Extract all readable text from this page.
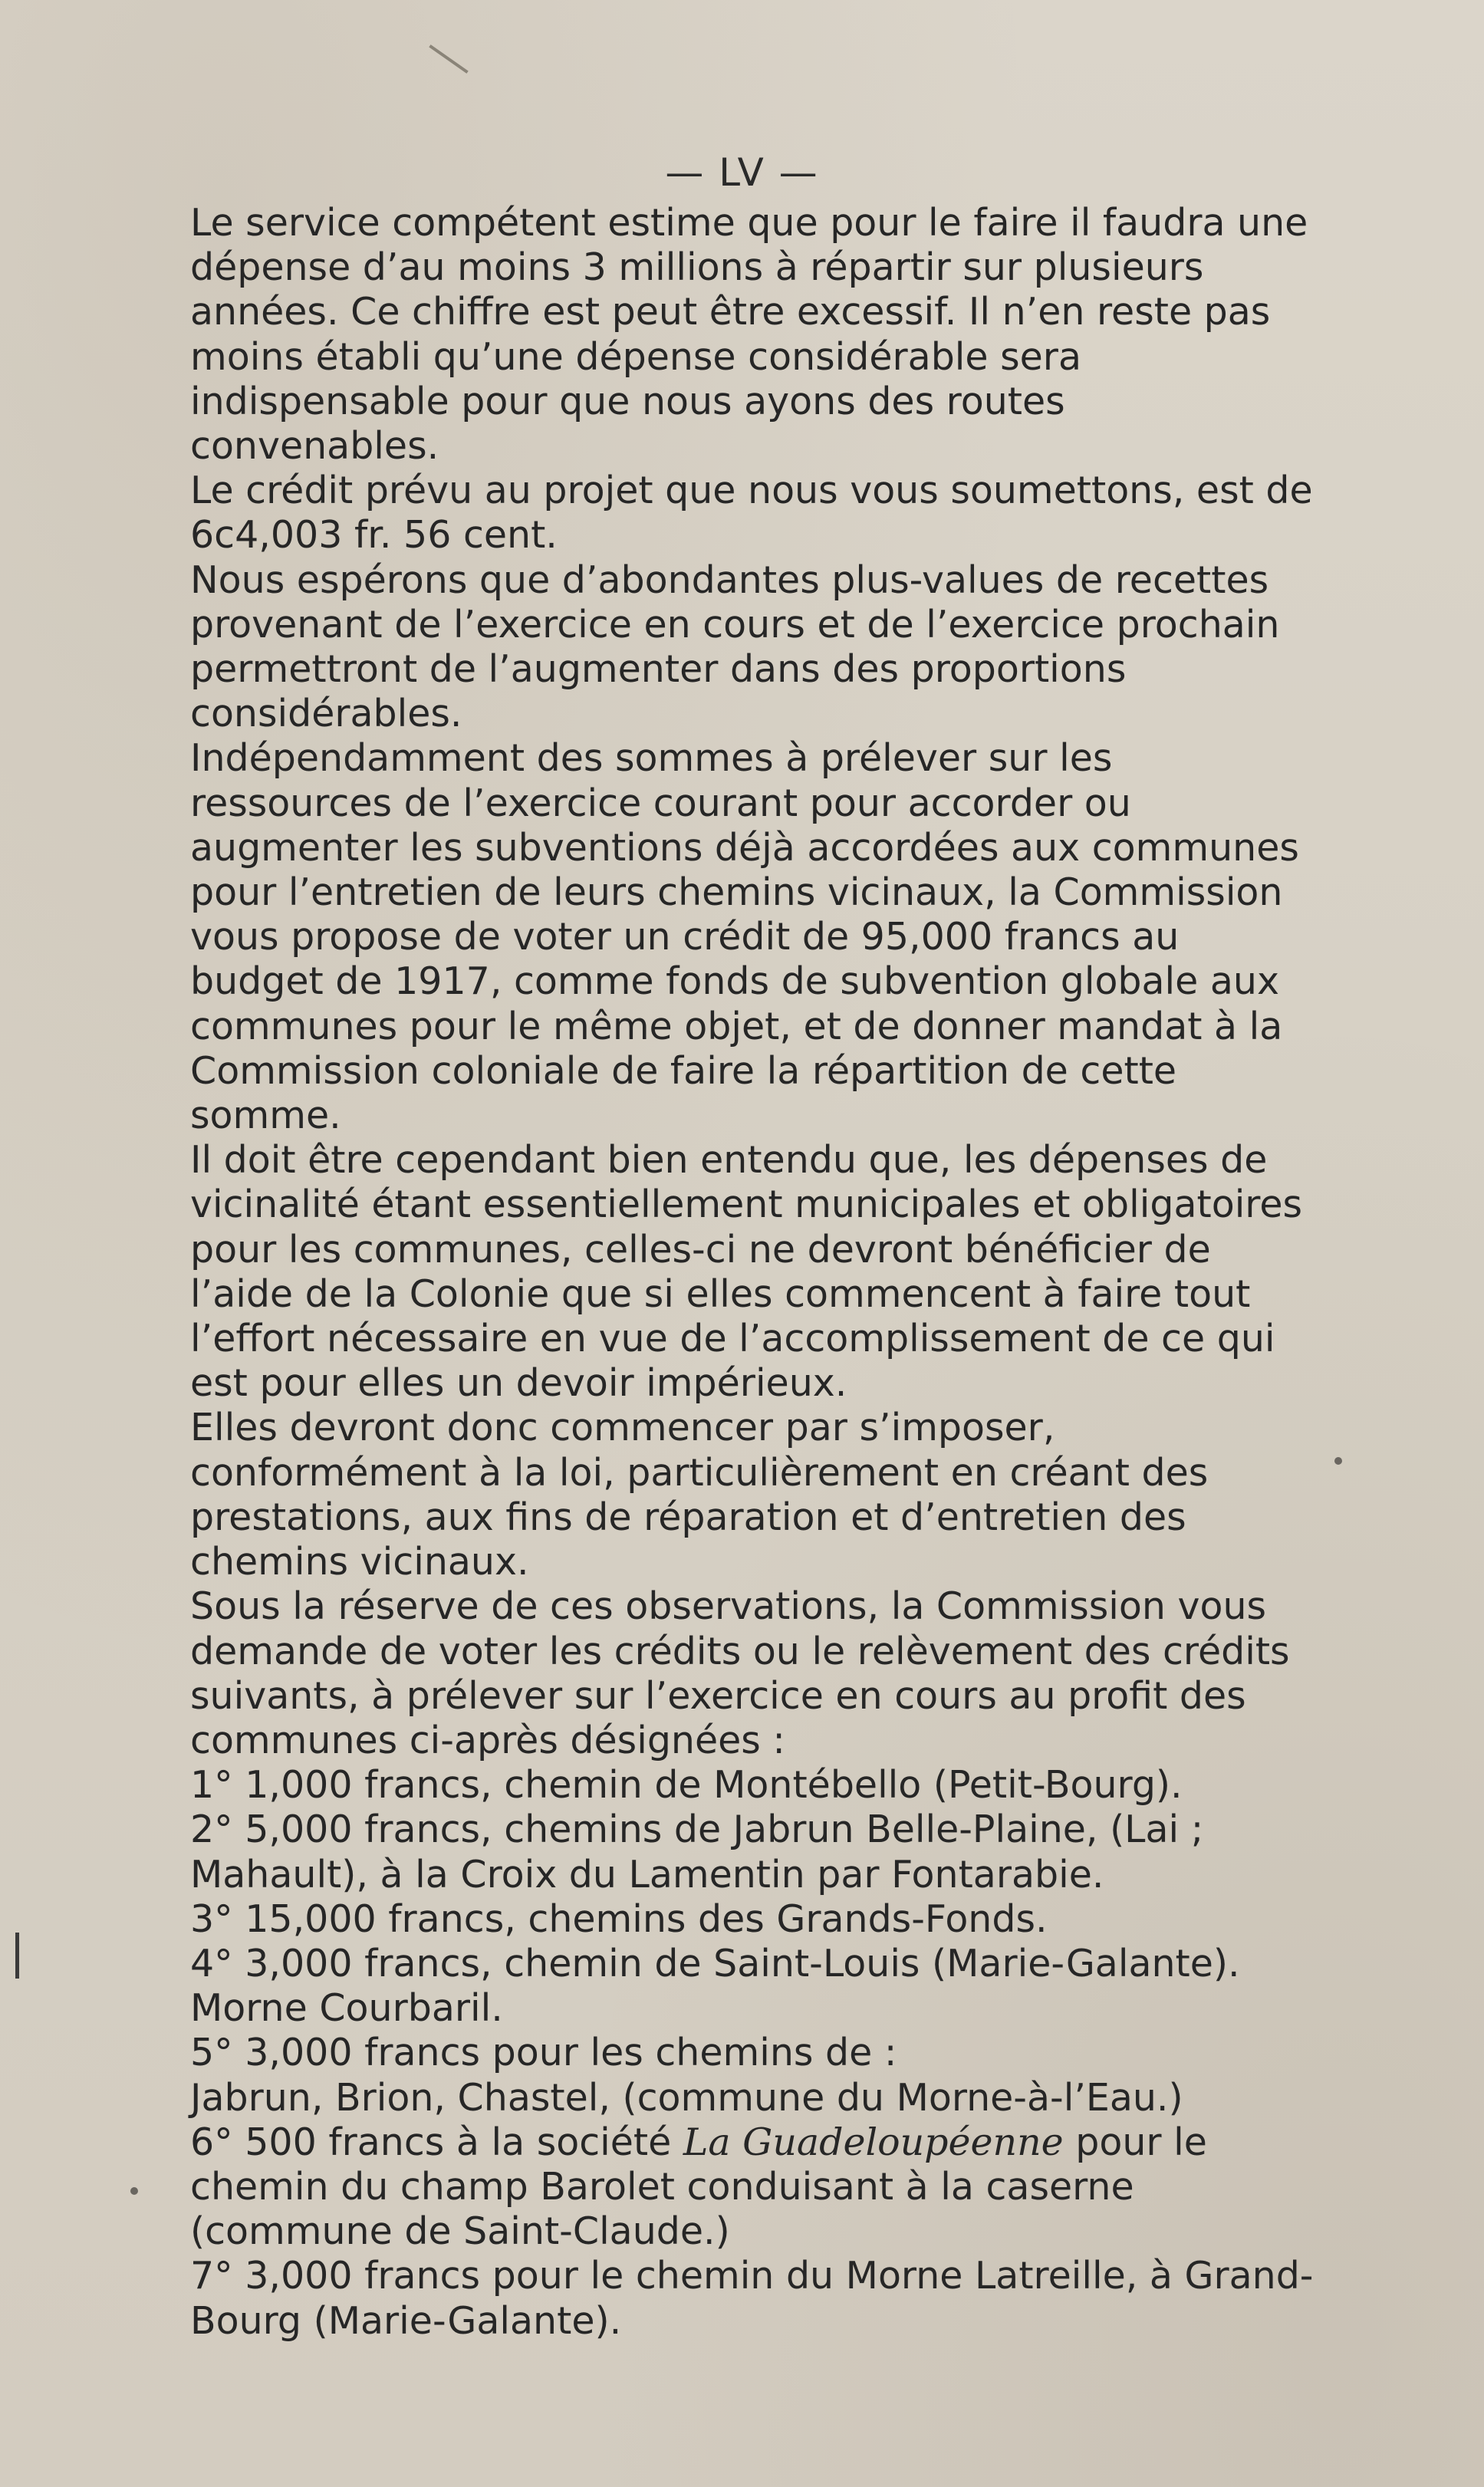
— LV —

Le service compétent estime que pour le faire il faudra une dépense d’au moins 3 millions à répartir sur plusieurs années. Ce chiffre est peut être excessif. Il n’en reste pas moins établi qu’une dépense considérable sera indispensable pour que nous ayons des routes convenables.

Le crédit prévu au projet que nous vous soumettons, est de 6c4,003 fr. 56 cent.

Nous espérons que d’abondantes plus-values de recettes provenant de l’exercice en cours et de l’exercice prochain permettront de l’augmenter dans des proportions considérables.

Indépendamment des sommes à prélever sur les ressources de l’exercice courant pour accorder ou augmenter les subventions déjà accordées aux communes pour l’entretien de leurs chemins vicinaux, la Commission vous propose de voter un crédit de 95,000 francs au budget de 1917, comme fonds de subvention globale aux communes pour le même objet, et de donner mandat à la Commission coloniale de faire la répartition de cette somme.

Il doit être cependant bien entendu que, les dépenses de vicinalité étant essentiellement municipales et obligatoires pour les communes, celles-ci ne devront bénéficier de l’aide de la Colonie que si elles commencent à faire tout l’effort nécessaire en vue de l’accomplissement de ce qui est pour elles un devoir impérieux.

Elles devront donc commencer par s’imposer, conformément à la loi, particulièrement en créant des prestations, aux fins de réparation et d’entretien des chemins vicinaux.

Sous la réserve de ces observations, la Commission vous demande de voter les crédits ou le relèvement des crédits suivants, à prélever sur l’exercice en cours au profit des communes ci-après désignées :

1° 1,000 francs, chemin de Montébello (Petit-Bourg).

2° 5,000 francs, chemins de Jabrun Belle-Plaine, (Lai ; Mahault), à la Croix du Lamentin par Fontarabie.

3° 15,000 francs, chemins des Grands-Fonds.

4° 3,000 francs, chemin de Saint-Louis (Marie-Galante). Morne Courbaril.

5° 3,000 francs pour les chemins de :

Jabrun, Brion, Chastel, (commune du Morne-à-l’Eau.)

6° 500 francs à la société La Guadeloupéenne pour le chemin du champ Barolet conduisant à la caserne (commune de Saint-Claude.)

7° 3,000 francs pour le chemin du Morne Latreille, à Grand-Bourg (Marie-Galante).
